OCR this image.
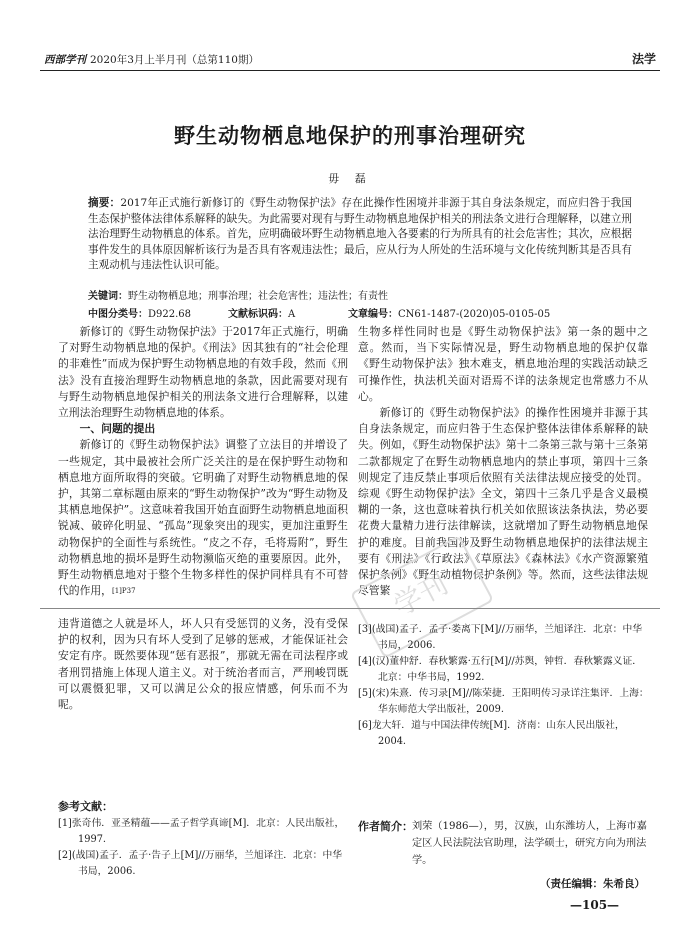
西部学刊 2020年3月上半月刊（总第110期）	法学
野生动物栖息地保护的刑事治理研究
毋 磊
摘要：2017年正式施行新修订的《野生动物保护法》存在此操作性困境并非源于其自身法条规定，而应归咎于我国生态保护整体法律体系解释的缺失。为此需要对现有与野生动物栖息地保护相关的刑法条文进行合理解释，以建立刑法治理野生动物栖息的体系。首先，应明确破坏野生动物栖息地入各要素的行为所具有的社会危害性；其次，应根据事件发生的具体原因解析该行为是否具有客观违法性；最后，应从行为人所处的生活环境与文化传统判断其是否具有主观动机与违法性认识可能。
关键词：野生动物栖息地；刑事治理；社会危害性；违法性；有责性
中图分类号：D922.68	文献标识码：A	文章编号：CN61-1487-(2020)05-0105-05

新修订的《野生动物保护法》于2017年正式施行，明确了对野生动物栖息地的保护。《刑法》因其独有的“社会伦理的非难性”而成为保护野生动物栖息地的有效手段，然而《刑法》没有直接治理野生动物栖息地的条款，因此需要对现有与野生动物栖息地保护相关的刑法条文进行合理解释，以建立刑法治理野生动物栖息地的体系。

一、问题的提出

新修订的《野生动物保护法》调整了立法目的并增设了一些规定，其中最被社会所广泛关注的是在保护野生动物和栖息地方面所取得的突破。它明确了对野生动物栖息地的保护，其第二章标题由原来的“野生动物保护”改为“野生动物及其栖息地保护”。这意味着我国开始直面野生动物栖息地面积锐减、破碎化明显、“孤岛”现象突出的现实，更加注重野生动物保护的全面性与系统性。“皮之不存，毛将焉附”，野生动物栖息地的损坏是野生动物濒临灭绝的重要原因。此外，野生动物栖息地对于整个生物多样性的保护同样具有不可替代的作用，$^{[1]P37}$

生物多样性同时也是《野生动物保护法》第一条的题中之意。然而，当下实际情况是，野生动物栖息地的保护仅靠《野生动物保护法》独木难支，栖息地治理的实践活动缺乏可操作性，执法机关面对语焉不详的法条规定也常感力不从心。

新修订的《野生动物保护法》的操作性困境并非源于其自身法条规定，而应归咎于生态保护整体法律体系解释的缺失。例如，《野生动物保护法》第十二条第三款与第十三条第二款都规定了在野生动物栖息地内的禁止事项，第四十三条则规定了违反禁止事项后依照有关法律法规应接受的处罚。综观《野生动物保护法》全文，第四十三条几乎是含义最模糊的一条，这也意味着执行机关如依照该法条执法，势必要花费大量精力进行法律解读，这就增加了野生动物栖息地保护的难度。目前我国涉及野生动物栖息地保护的法律法规主要有《刑法》《行政法》《草原法》《森林法》《水产资源繁殖保护条例》《野生动植物保护条例》等。然而，这些法律法规尽管繁

学刊

违背道德之人就是坏人，坏人只有受惩罚的义务，没有受保护的权利，因为只有坏人受到了足够的惩戒，才能保证社会安定有序。既然要体现“惩有恶报”，那就无需在司法程序或者刑罚措施上体现人道主义。对于统治者而言，严刑峻罚既可以震慑犯罪，又可以满足公众的报应情感，何乐而不为呢。

参考文献：
[1]张奇伟．亚圣精蕴——孟子哲学真谛[M]．北京：人民出版社，1997.
[2](战国)孟子．孟子·告子上[M]//万丽华，兰旭译注．北京：中华书局，2006.
[3](战国)孟子．孟子·娄离下[M]//万丽华，兰旭译注．北京：中华书局，2006.
[4](汉)董仲舒．春秋繁露·五行[M]//苏舆，钟哲．春秋繁露义证．北京：中华书局，1992.
[5](宋)朱熹．传习录[M]//陈荣捷．王阳明传习录详注集评．上海：华东师范大学出版社，2009.
[6]龙大轩．道与中国法律传统[M]．济南：山东人民出版社，2004.
作者简介： 刘荣（1986—），男，汉族，山东潍坊人，上海市嘉定区人民法院法官助理，法学硕士，研究方向为刑法学。
（责任编辑：朱希良）
—105—
